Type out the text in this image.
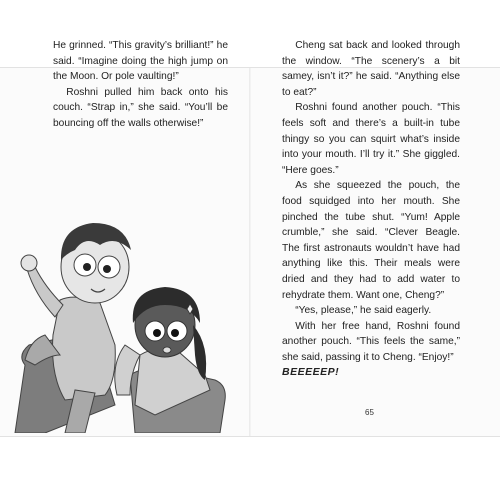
He grinned. “This gravity’s brilliant!” he said. “Imagine doing the high jump on the Moon. Or pole vaulting!”

Roshni pulled him back onto his couch. “Strap in,” she said. “You’ll be bouncing off the walls otherwise!”

Cheng sat back and looked through the window. “The scenery’s a bit samey, isn’t it?” he said. “Anything else to eat?”

Roshni found another pouch. “This feels soft and there’s a built-in tube thingy so you can squirt what’s inside into your mouth. I’ll try it.” She giggled. “Here goes.”

As she squeezed the pouch, the food squidged into her mouth. She pinched the tube shut. “Yum! Apple crumble,” she said. “Clever Beagle. The first astronauts wouldn’t have had anything like this. Their meals were dried and they had to add water to rehydrate them. Want one, Cheng?”

“Yes, please,” he said eagerly.

With her free hand, Roshni found another pouch. “This feels the same,” she said, passing it to Cheng. “Enjoy!”

BEEEEEP!

65
